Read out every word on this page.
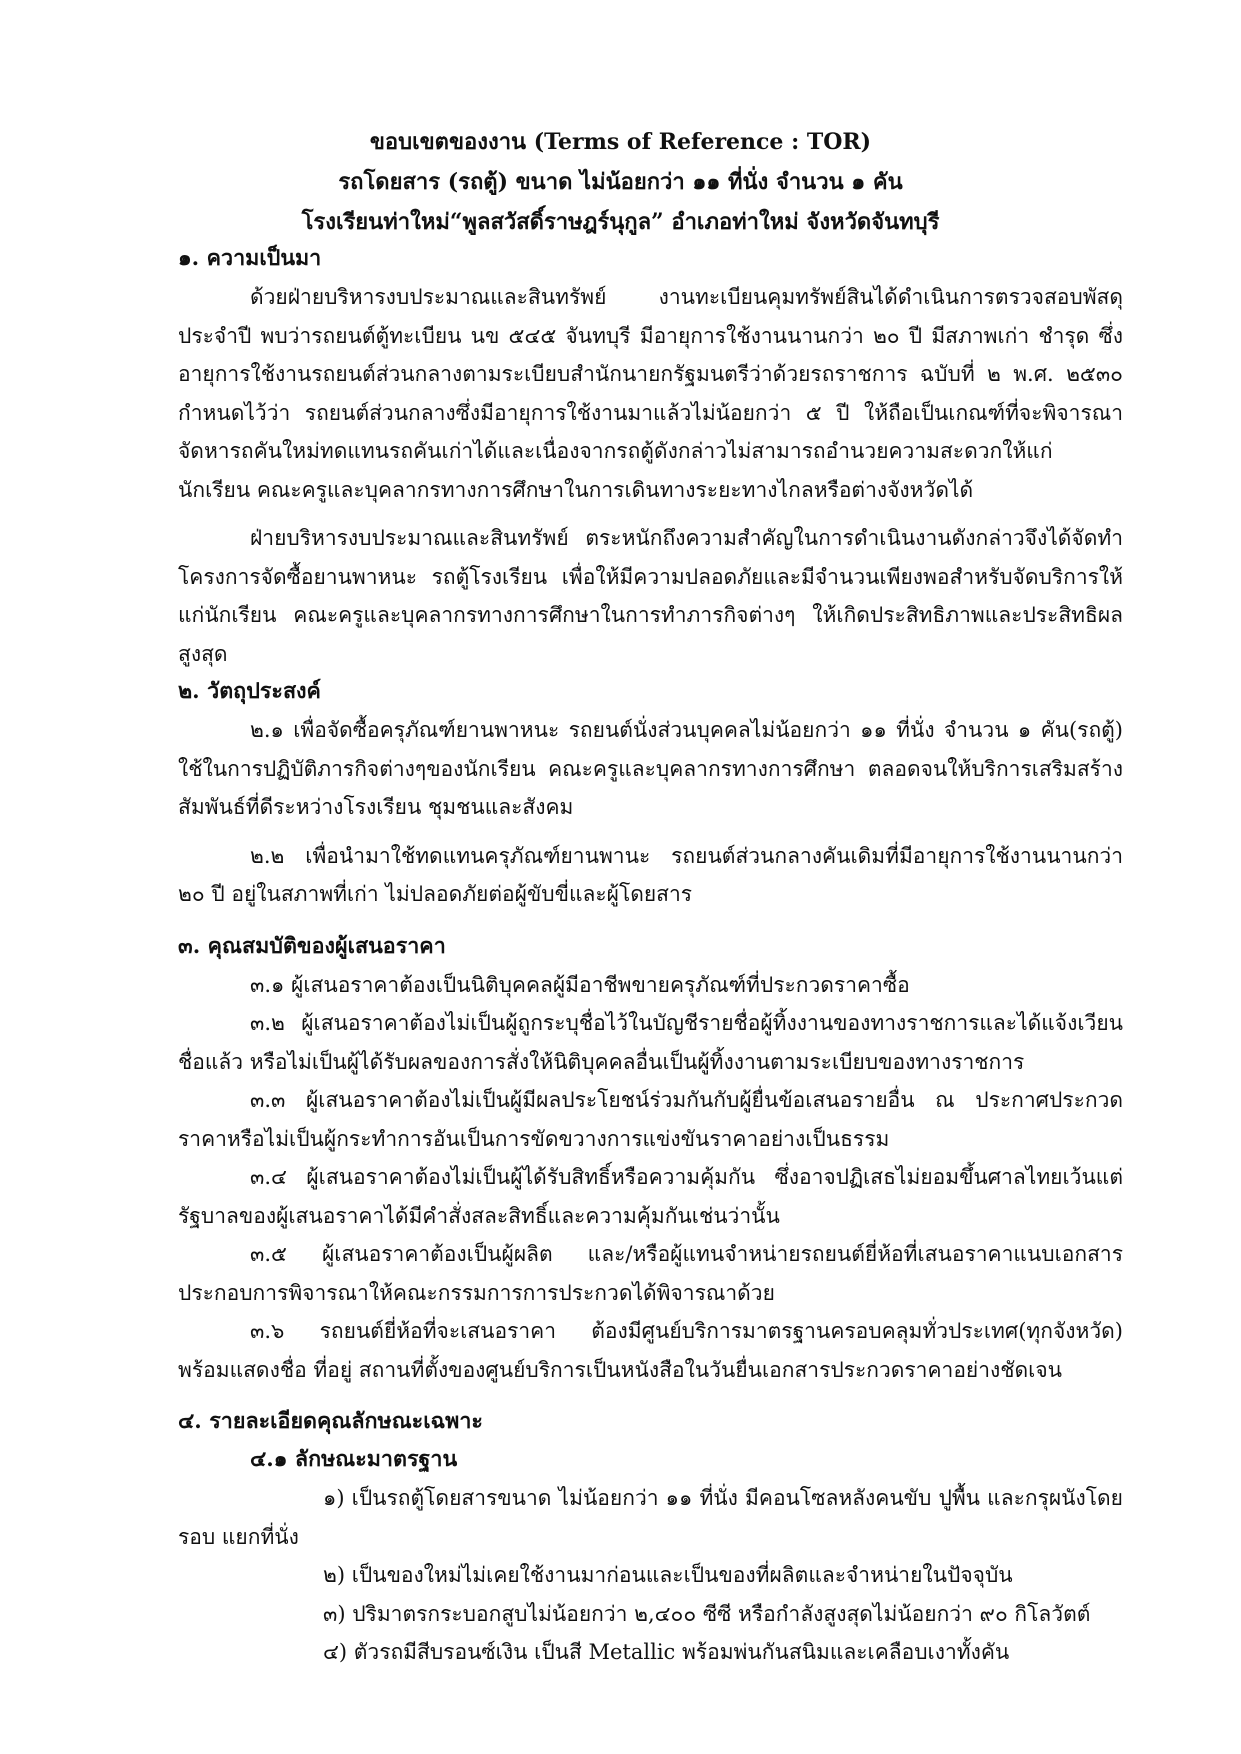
ขอบเขตของงาน (Terms of Reference : TOR)
รถโดยสาร (รถตู้) ขนาด ไม่น้อยกว่า ๑๑ ที่นั่ง จำนวน ๑ คัน
โรงเรียนท่าใหม่“พูลสวัสดิ์ราษฎร์นุกูล” อำเภอท่าใหม่ จังหวัดจันทบุรี
๑. ความเป็นมา

ด้วยฝ่ายบริหารงบประมาณและสินทรัพย์ งานทะเบียนคุมทรัพย์สินได้ดำเนินการตรวจสอบพัสดุประจำปี พบว่ารถยนต์ตู้ทะเบียน นข ๕๔๕ จันทบุรี มีอายุการใช้งานนานกว่า ๒๐ ปี มีสภาพเก่า ชำรุด ซึ่งอายุการใช้งานรถยนต์ส่วนกลางตามระเบียบสำนักนายกรัฐมนตรีว่าด้วยรถราชการ ฉบับที่ ๒ พ.ศ. ๒๕๓๐ กำหนดไว้ว่า รถยนต์ส่วนกลางซึ่งมีอายุการใช้งานมาแล้วไม่น้อยกว่า ๕ ปี ให้ถือเป็นเกณฑ์ที่จะพิจารณาจัดหารถคันใหม่ทดแทนรถคันเก่าได้และเนื่องจากรถตู้ดังกล่าวไม่สามารถอำนวยความสะดวกให้แก่นักเรียน คณะครูและบุคลากรทางการศึกษาในการเดินทางระยะทางไกลหรือต่างจังหวัดได้

ฝ่ายบริหารงบประมาณและสินทรัพย์ ตระหนักถึงความสำคัญในการดำเนินงานดังกล่าวจึงได้จัดทำโครงการจัดซื้อยานพาหนะ รถตู้โรงเรียน เพื่อให้มีความปลอดภัยและมีจำนวนเพียงพอสำหรับจัดบริการให้แก่นักเรียน คณะครูและบุคลากรทางการศึกษาในการทำภารกิจต่างๆ ให้เกิดประสิทธิภาพและประสิทธิผลสูงสุด

๒. วัตถุประสงค์

๒.๑ เพื่อจัดซื้อครุภัณฑ์ยานพาหนะ รถยนต์นั่งส่วนบุคคลไม่น้อยกว่า ๑๑ ที่นั่ง จำนวน ๑ คัน(รถตู้) ใช้ในการปฏิบัติภารกิจต่างๆของนักเรียน คณะครูและบุคลากรทางการศึกษา ตลอดจนให้บริการเสริมสร้างสัมพันธ์ที่ดีระหว่างโรงเรียน ชุมชนและสังคม

๒.๒ เพื่อนำมาใช้ทดแทนครุภัณฑ์ยานพานะ รถยนต์ส่วนกลางคันเดิมที่มีอายุการใช้งานนานกว่า ๒๐ ปี อยู่ในสภาพที่เก่า ไม่ปลอดภัยต่อผู้ขับขี่และผู้โดยสาร

๓. คุณสมบัติของผู้เสนอราคา

๓.๑ ผู้เสนอราคาต้องเป็นนิติบุคคลผู้มีอาชีพขายครุภัณฑ์ที่ประกวดราคาซื้อ

๓.๒ ผู้เสนอราคาต้องไม่เป็นผู้ถูกระบุชื่อไว้ในบัญชีรายชื่อผู้ทิ้งงานของทางราชการและได้แจ้งเวียนชื่อแล้ว หรือไม่เป็นผู้ได้รับผลของการสั่งให้นิติบุคคลอื่นเป็นผู้ทิ้งงานตามระเบียบของทางราชการ

๓.๓ ผู้เสนอราคาต้องไม่เป็นผู้มีผลประโยชน์ร่วมกันกับผู้ยื่นข้อเสนอรายอื่น ณ ประกาศประกวดราคาหรือไม่เป็นผู้กระทำการอันเป็นการขัดขวางการแข่งขันราคาอย่างเป็นธรรม

๓.๔ ผู้เสนอราคาต้องไม่เป็นผู้ได้รับสิทธิ์หรือความคุ้มกัน ซึ่งอาจปฏิเสธไม่ยอมขึ้นศาลไทยเว้นแต่รัฐบาลของผู้เสนอราคาได้มีคำสั่งสละสิทธิ์และความคุ้มกันเช่นว่านั้น

๓.๕ ผู้เสนอราคาต้องเป็นผู้ผลิต และ/หรือผู้แทนจำหน่ายรถยนต์ยี่ห้อที่เสนอราคาแนบเอกสารประกอบการพิจารณาให้คณะกรรมการการประกวดได้พิจารณาด้วย

๓.๖ รถยนต์ยี่ห้อที่จะเสนอราคา ต้องมีศูนย์บริการมาตรฐานครอบคลุมทั่วประเทศ(ทุกจังหวัด) พร้อมแสดงชื่อ ที่อยู่ สถานที่ตั้งของศูนย์บริการเป็นหนังสือในวันยื่นเอกสารประกวดราคาอย่างชัดเจน

๔. รายละเอียดคุณลักษณะเฉพาะ
๔.๑ ลักษณะมาตรฐาน

๑) เป็นรถตู้โดยสารขนาด ไม่น้อยกว่า ๑๑ ที่นั่ง มีคอนโซลหลังคนขับ ปูพื้น และกรุผนังโดยรอบ แยกที่นั่ง

๒) เป็นของใหม่ไม่เคยใช้งานมาก่อนและเป็นของที่ผลิตและจำหน่ายในปัจจุบัน

๓) ปริมาตรกระบอกสูบไม่น้อยกว่า ๒,๔๐๐ ซีซี หรือกำลังสูงสุดไม่น้อยกว่า ๙๐ กิโลวัตต์

๔) ตัวรถมีสีบรอนซ์เงิน เป็นสี Metallic พร้อมพ่นกันสนิมและเคลือบเงาทั้งคัน
